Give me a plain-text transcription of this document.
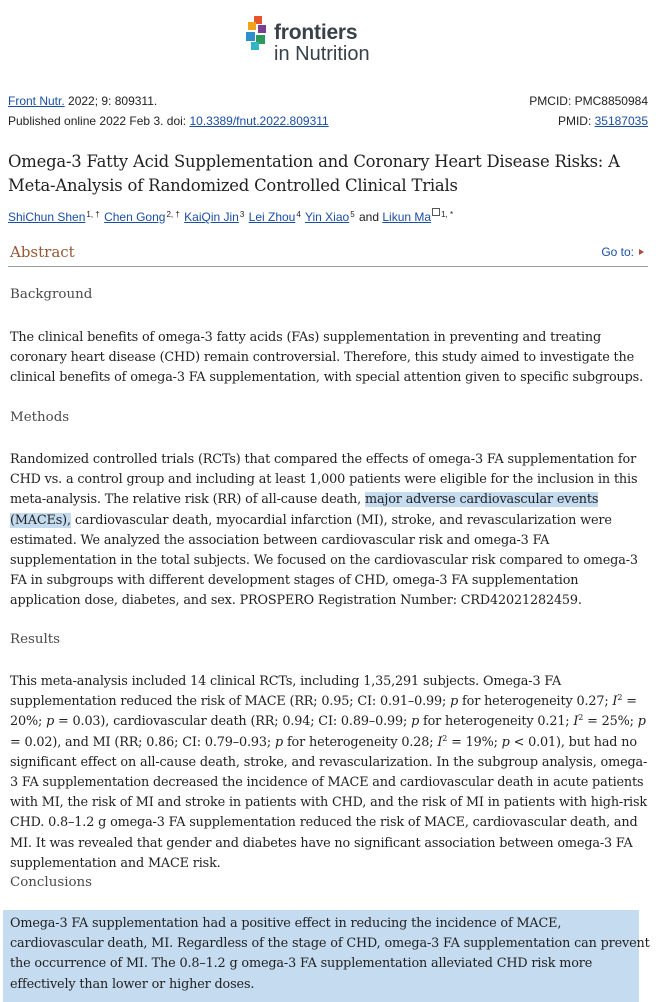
frontiers
in Nutrition
Front Nutr. 2022; 9: 809311.	PMCID: PMC8850984
Published online 2022 Feb 3. doi: 10.3389/fnut.2022.809311	PMID: 35187035
Omega-3 Fatty Acid Supplementation and Coronary Heart Disease Risks: A Meta-Analysis of Randomized Controlled Clinical Trials
ShiChun Shen$^{1, \dagger}$ Chen Gong$^{2, \dagger}$ KaiQin Jin$^3$ Lei Zhou$^4$ Yin Xiao$^5$ and Likun Ma $^{1, *}$
Abstract	Go to:
Background
The clinical benefits of omega-3 fatty acids (FAs) supplementation in preventing and treating coronary heart disease (CHD) remain controversial. Therefore, this study aimed to investigate the clinical benefits of omega-3 FA supplementation, with special attention given to specific subgroups.
Methods
Randomized controlled trials (RCTs) that compared the effects of omega-3 FA supplementation for CHD vs. a control group and including at least 1,000 patients were eligible for the inclusion in this meta-analysis. The relative risk (RR) of all-cause death, major adverse cardiovascular events (MACEs), cardiovascular death, myocardial infarction (MI), stroke, and revascularization were estimated. We analyzed the association between cardiovascular risk and omega-3 FA supplementation in the total subjects. We focused on the cardiovascular risk compared to omega-3 FA in subgroups with different development stages of CHD, omega-3 FA supplementation application dose, diabetes, and sex. PROSPERO Registration Number: CRD42021282459.
Results
This meta-analysis included 14 clinical RCTs, including 1,35,291 subjects. Omega-3 FA supplementation reduced the risk of MACE (RR; 0.95; CI: 0.91–0.99; p for heterogeneity 0.27; $I^2 = 20\%$; p = 0.03), cardiovascular death (RR; 0.94; CI: 0.89–0.99; p for heterogeneity 0.21; $I^2 = 25\%$; p = 0.02), and MI (RR; 0.86; CI: 0.79–0.93; p for heterogeneity 0.28; $I^2 = 19\%$; p < 0.01), but had no significant effect on all-cause death, stroke, and revascularization. In the subgroup analysis, omega-3 FA supplementation decreased the incidence of MACE and cardiovascular death in acute patients with MI, the risk of MI and stroke in patients with CHD, and the risk of MI in patients with high-risk CHD. 0.8–1.2 g omega-3 FA supplementation reduced the risk of MACE, cardiovascular death, and MI. It was revealed that gender and diabetes have no significant association between omega-3 FA supplementation and MACE risk.
Conclusions
Omega-3 FA supplementation had a positive effect in reducing the incidence of MACE, cardiovascular death, MI. Regardless of the stage of CHD, omega-3 FA supplementation can prevent the occurrence of MI. The 0.8–1.2 g omega-3 FA supplementation alleviated CHD risk more effectively than lower or higher doses.
